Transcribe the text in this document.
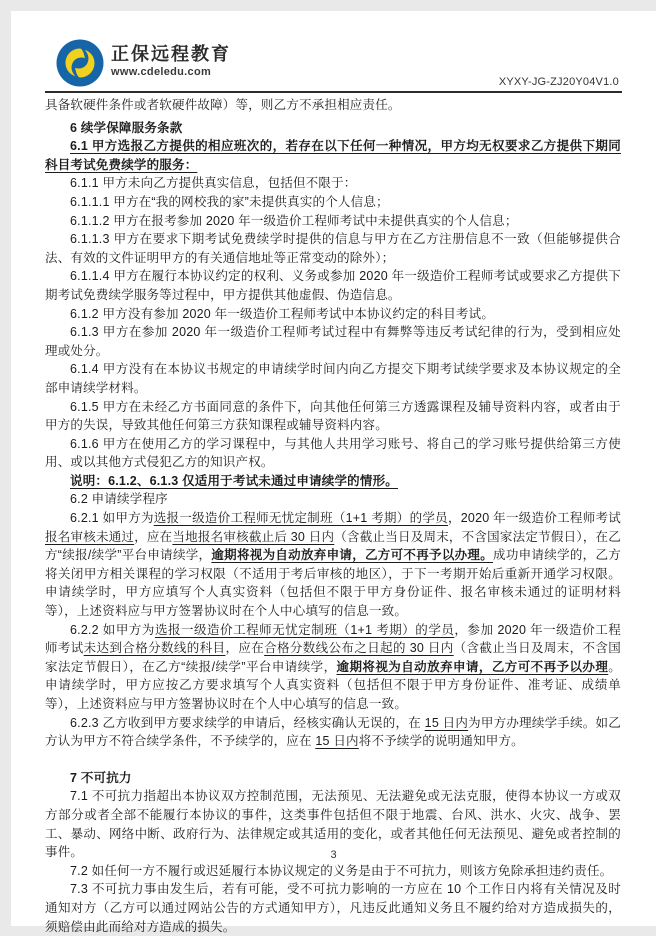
正保远程教育
www.cdeledu.com
XYXY-JG-ZJ20Y04V1.0

具备软硬件条件或者软硬件故障）等，则乙方不承担相应责任。

6 续学保障服务条款

6.1 甲方选报乙方提供的相应班次的，若存在以下任何一种情况，甲方均无权要求乙方提供下期同科目考试免费续学的服务：

6.1.1 甲方未向乙方提供真实信息，包括但不限于：

6.1.1.1 甲方在“我的网校我的家”未提供真实的个人信息；

6.1.1.2 甲方在报考参加 2020 年一级造价工程师考试中未提供真实的个人信息；

6.1.1.3 甲方在要求下期考试免费续学时提供的信息与甲方在乙方注册信息不一致（但能够提供合法、有效的文件证明甲方的有关通信地址等正常变动的除外）；

6.1.1.4 甲方在履行本协议约定的权利、义务或参加 2020 年一级造价工程师考试或要求乙方提供下期考试免费续学服务等过程中，甲方提供其他虚假、伪造信息。

6.1.2 甲方没有参加 2020 年一级造价工程师考试中本协议约定的科目考试。

6.1.3 甲方在参加 2020 年一级造价工程师考试过程中有舞弊等违反考试纪律的行为，受到相应处理或处分。

6.1.4 甲方没有在本协议书规定的申请续学时间内向乙方提交下期考试续学要求及本协议规定的全部申请续学材料。

6.1.5 甲方在未经乙方书面同意的条件下，向其他任何第三方透露课程及辅导资料内容，或者由于甲方的失误，导致其他任何第三方获知课程或辅导资料内容。

6.1.6 甲方在使用乙方的学习课程中，与其他人共用学习账号、将自己的学习账号提供给第三方使用、或以其他方式侵犯乙方的知识产权。

说明：6.1.2、6.1.3 仅适用于考试未通过申请续学的情形。

6.2 申请续学程序

6.2.1 如甲方为选报一级造价工程师无忧定制班（1+1 考期）的学员，2020 年一级造价工程师考试报名审核未通过，应在当地报名审核截止后 30 日内（含截止当日及周末，不含国家法定节假日），在乙方“续报/续学”平台申请续学，逾期将视为自动放弃申请，乙方可不再予以办理。成功申请续学的，乙方将关闭甲方相关课程的学习权限（不适用于考后审核的地区），于下一考期开始后重新开通学习权限。申请续学时，甲方应填写个人真实资料（包括但不限于甲方身份证件、报名审核未通过的证明材料等），上述资料应与甲方签署协议时在个人中心填写的信息一致。

6.2.2 如甲方为选报一级造价工程师无忧定制班（1+1 考期）的学员，参加 2020 年一级造价工程师考试未达到合格分数线的科目，应在合格分数线公布之日起的 30 日内（含截止当日及周末，不含国家法定节假日），在乙方“续报/续学”平台申请续学，逾期将视为自动放弃申请，乙方可不再予以办理。申请续学时，甲方应按乙方要求填写个人真实资料（包括但不限于甲方身份证件、准考证、成绩单等），上述资料应与甲方签署协议时在个人中心填写的信息一致。

6.2.3 乙方收到甲方要求续学的申请后，经核实确认无误的，在 15 日内为甲方办理续学手续。如乙方认为甲方不符合续学条件，不予续学的，应在 15 日内将不予续学的说明通知甲方。

7 不可抗力

7.1 不可抗力指超出本协议双方控制范围，无法预见、无法避免或无法克服，使得本协议一方或双方部分或者全部不能履行本协议的事件，这类事件包括但不限于地震、台风、洪水、火灾、战争、罢工、暴动、网络中断、政府行为、法律规定或其适用的变化，或者其他任何无法预见、避免或者控制的事件。

7.2 如任何一方不履行或迟延履行本协议规定的义务是由于不可抗力，则该方免除承担违约责任。

7.3 不可抗力事由发生后，若有可能，受不可抗力影响的一方应在 10 个工作日内将有关情况及时通知对方（乙方可以通过网站公告的方式通知甲方），凡违反此通知义务且不履约给对方造成损失的，须赔偿由此而给对方造成的损失。

3
